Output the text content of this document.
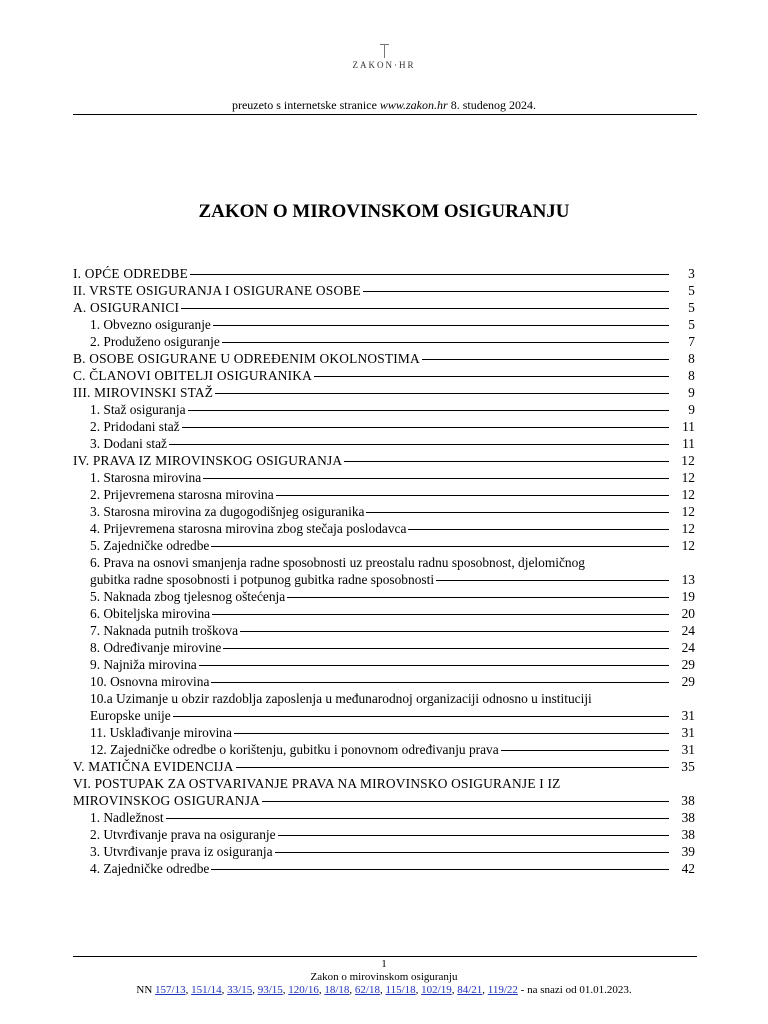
ZAKON·HR
preuzeto s internetske stranice www.zakon.hr 8. studenog 2024.
ZAKON O MIROVINSKOM OSIGURANJU
I. OPĆE ODREDBE	3
II. VRSTE OSIGURANJA I OSIGURANE OSOBE	5
A. OSIGURANICI	5
1. Obvezno osiguranje	5
2. Produženo osiguranje	7
B. OSOBE OSIGURANE U ODREĐENIM OKOLNOSTIMA	8
C. ČLANOVI OBITELJI OSIGURANIKA	8
III. MIROVINSKI STAŽ	9
1. Staž osiguranja	9
2. Pridodani staž	11
3. Dodani staž	11
IV. PRAVA IZ MIROVINSKOG OSIGURANJA	12
1. Starosna mirovina	12
2. Prijevremena starosna mirovina	12
3. Starosna mirovina za dugogodišnjeg osiguranika	12
4. Prijevremena starosna mirovina zbog stečaja poslodavca	12
5. Zajedničke odredbe	12
6. Prava na osnovi smanjenja radne sposobnosti uz preostalu radnu sposobnost, djelomičnog
gubitka radne sposobnosti i potpunog gubitka radne sposobnosti	13
5. Naknada zbog tjelesnog oštećenja	19
6. Obiteljska mirovina	20
7. Naknada putnih troškova	24
8. Određivanje mirovine	24
9. Najniža mirovina	29
10. Osnovna mirovina	29
10.a Uzimanje u obzir razdoblja zaposlenja u međunarodnoj organizaciji odnosno u instituciji
Europske unije	31
11. Usklađivanje mirovina	31
12. Zajedničke odredbe o korištenju, gubitku i ponovnom određivanju prava	31
V. MATIČNA EVIDENCIJA	35
VI. POSTUPAK ZA OSTVARIVANJE PRAVA NA MIROVINSKO OSIGURANJE I IZ
MIROVINSKOG OSIGURANJA	38
1. Nadležnost	38
2. Utvrđivanje prava na osiguranje	38
3. Utvrđivanje prava iz osiguranja	39
4. Zajedničke odredbe	42
1
Zakon o mirovinskom osiguranju
NN 157/13, 151/14, 33/15, 93/15, 120/16, 18/18, 62/18, 115/18, 102/19, 84/21, 119/22 - na snazi od 01.01.2023.
